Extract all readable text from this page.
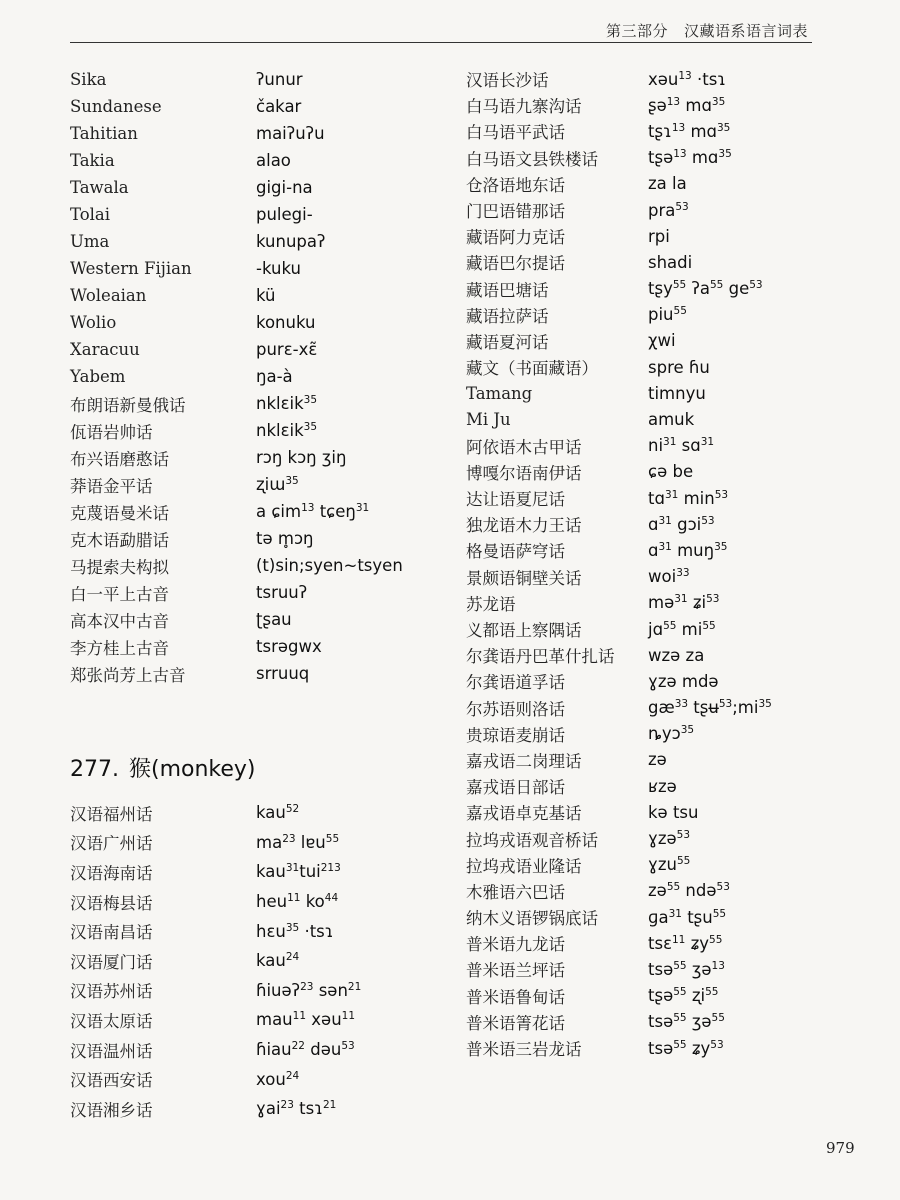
第三部分 汉藏语系语言词表
Sika	ʔunur
Sundanese	čakar
Tahitian	maiʔuʔu
Takia	alao
Tawala	gigi-na
Tolai	pulegi-
Uma	kunupaʔ
Western Fijian	-kuku
Woleaian	kü
Wolio	konuku
Xaracuu	purɛ-xɛ̃
Yabem	ŋa-à
布朗语新曼俄话	nklɛik$^{35}$
佤语岩帅话	nklɛik$^{35}$
布兴语磨憨话	rɔŋ kɔŋ ʒiŋ
莽语金平话	ʐiɯ$^{35}$
克蔑语曼米话	a ɕim$^{13}$ tɕeŋ$^{31}$
克木语勐腊话	tə m̥ɔŋ
马提索夫构拟	(t)sin;syen~tsyen
白一平上古音	tsruuʔ
高本汉中古音	ʈʂau
李方桂上古音	tsrəgwx
郑张尚芳上古音	srruuq
277. 猴(monkey)
汉语福州话	kau$^{52}$
汉语广州话	$ma^{23}$ lɐu$^{55}$
汉语海南话	kau$^{31}$tui$^{213}$
汉语梅县话	heu$^{11}$ $ko^{44}$
汉语南昌话	hɛu$^{35}$ ·tsɿ
汉语厦门话	kau$^{24}$
汉语苏州话	ɦiuəʔ$^{23}$ sən$^{21}$
汉语太原话	mau$^{11}$ xəu$^{11}$
汉语温州话	ɦiau$^{22}$ dəu$^{53}$
汉语西安话	xou$^{24}$
汉语湘乡话	ɣai$^{23}$ tsɿ$^{21}$
汉语长沙话	xəu$^{13}$ ·tsɿ
白马语九寨沟话	ʂə$^{13}$ mɑ$^{35}$
白马语平武话	tʂɿ$^{13}$ mɑ$^{35}$
白马语文县铁楼话	tʂə$^{13}$ mɑ$^{35}$
仓洛语地东话	za la
门巴语错那话	pra$^{53}$
藏语阿力克话	rpi
藏语巴尔提话	shadi
藏语巴塘话	tʂy$^{55}$ ʔa$^{55}$ $ge^{53}$
藏语拉萨话	piu$^{55}$
藏语夏河话	χwi
藏文（书面藏语）	spre ɦu
Tamang	timnyu
Mi Ju	amuk
阿依语木古甲话	$ni^{31}$ sɑ$^{31}$
博嘎尔语南伊话	ɕə be
达让语夏尼话	tɑ$^{31}$ $\min^{53}$
独龙语木力王话	ɑ$^{31}$ gɔi$^{53}$
格曼语萨穹话	ɑ$^{31}$ muŋ$^{35}$
景颇语铜壁关话	woi$^{33}$
苏龙语	mə$^{31}$ ʑi$^{53}$
义都语上察隅话	jɑ$^{55}$ $mi^{55}$
尔龚语丹巴革什扎话	wzə za
尔龚语道孚话	ɣzə mdə
尔苏语则洛话	$gæ^{33}$ $tʂʉ^{53};mi^{35}$
贵琼语麦崩话	ȵyɔ$^{35}$
嘉戎语二岗理话	zə
嘉戎语日部话	ʁzə
嘉戎语卓克基话	kə tsu
拉坞戎语观音桥话	ɣzə$^{53}$
拉坞戎语业隆话	ɣzu$^{55}$
木雅语六巴话	zə$^{55}$ ndə$^{53}$
纳木义语锣锅底话	ɡa$^{31}$ tʂu$^{55}$
普米语九龙话	tsɛ$^{11}$ ʑy$^{55}$
普米语兰坪话	tsə$^{55}$ ʒə$^{13}$
普米语鲁甸话	tʂə$^{55}$ ʐi$^{55}$
普米语箐花话	tsə$^{55}$ ʒə$^{55}$
普米语三岩龙话	tsə$^{55}$ ʑy$^{53}$
979
